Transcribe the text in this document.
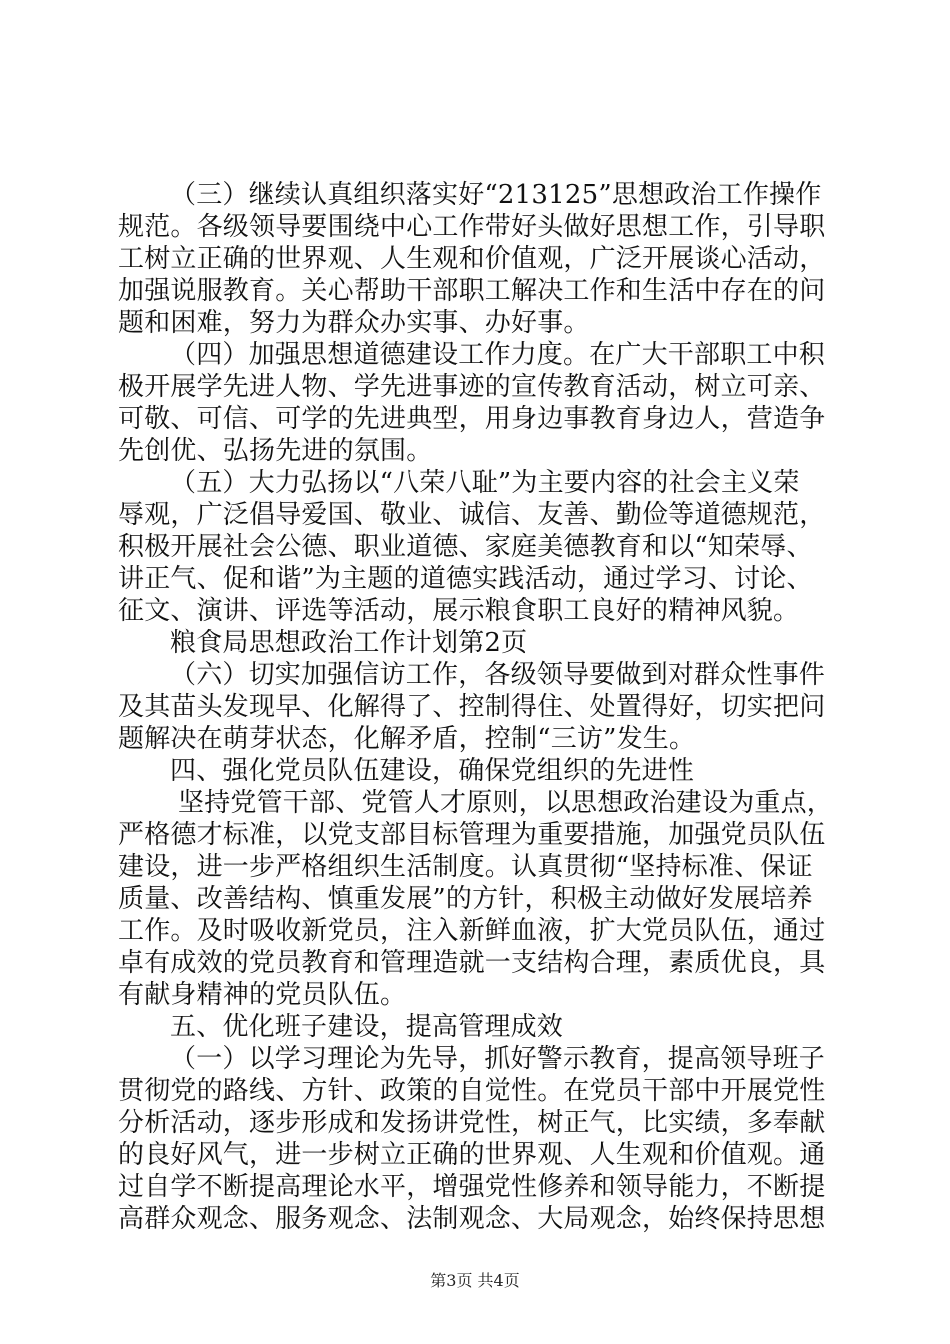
（三）继续认真组织落实好“213125”思想政治工作操作
规范。各级领导要围绕中心工作带好头做好思想工作，引导职
工树立正确的世界观、人生观和价值观，广泛开展谈心活动，
加强说服教育。关心帮助干部职工解决工作和生活中存在的问
题和困难，努力为群众办实事、办好事。
（四）加强思想道德建设工作力度。在广大干部职工中积
极开展学先进人物、学先进事迹的宣传教育活动，树立可亲、
可敬、可信、可学的先进典型，用身边事教育身边人，营造争
先创优、弘扬先进的氛围。
（五）大力弘扬以“八荣八耻”为主要内容的社会主义荣
辱观，广泛倡导爱国、敬业、诚信、友善、勤俭等道德规范，
积极开展社会公德、职业道德、家庭美德教育和以“知荣辱、
讲正气、促和谐”为主题的道德实践活动，通过学习、讨论、
征文、演讲、评选等活动，展示粮食职工良好的精神风貌。
粮食局思想政治工作计划第2页
（六）切实加强信访工作，各级领导要做到对群众性事件
及其苗头发现早、化解得了、控制得住、处置得好，切实把问
题解决在萌芽状态，化解矛盾，控制“三访”发生。
四、强化党员队伍建设，确保党组织的先进性
坚持党管干部、党管人才原则，以思想政治建设为重点，
严格德才标准，以党支部目标管理为重要措施，加强党员队伍
建设，进一步严格组织生活制度。认真贯彻“坚持标准、保证
质量、改善结构、慎重发展”的方针，积极主动做好发展培养
工作。及时吸收新党员，注入新鲜血液，扩大党员队伍，通过
卓有成效的党员教育和管理造就一支结构合理，素质优良，具
有献身精神的党员队伍。
五、优化班子建设，提高管理成效
（一）以学习理论为先导，抓好警示教育，提高领导班子
贯彻党的路线、方针、政策的自觉性。在党员干部中开展党性
分析活动，逐步形成和发扬讲党性，树正气，比实绩，多奉献
的良好风气，进一步树立正确的世界观、人生观和价值观。通
过自学不断提高理论水平，增强党性修养和领导能力，不断提
高群众观念、服务观念、法制观念、大局观念，始终保持思想
第3页 共4页
